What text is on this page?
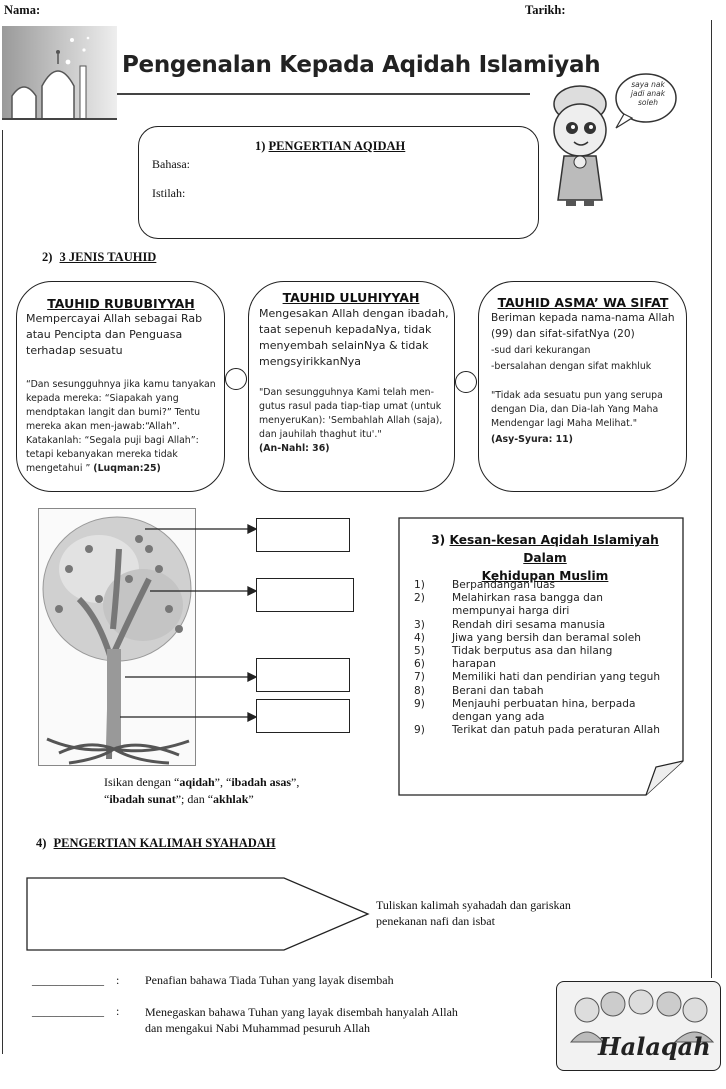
Nama:	Tarikh:
Pengenalan Kepada Aqidah Islamiyah
saya nak jadi anak soleh
1) PENGERTIAN AQIDAH
Bahasa:
Istilah:
2) 3 JENIS TAUHID
TAUHID RUBUBIYYAH
Mempercayai Allah sebagai Rab atau Pencipta dan Penguasa terhadap sesuatu
“Dan sesungguhnya jika kamu tanyakan kepada mereka: “Siapakah yang mendptakan langit dan bumi?” Tentu mereka akan men-jawab:“Allah”. Katakanlah: “Segala puji bagi Allah”: tetapi kebanyakan mereka tidak mengetahui ” (Luqman:25)
TAUHID ULUHIYYAH
Mengesakan Allah dengan ibadah, taat sepenuh kepadaNya, tidak menyembah selainNya & tidak mengsyirikkanNya
"Dan sesungguhnya Kami telah men-gutus rasul pada tiap-tiap umat (untuk menyeruKan): 'Sembahlah Allah (saja), dan jauhilah thaghut itu'."
(An-Nahl: 36)
TAUHID ASMA’ WA SIFAT
Beriman kepada nama-nama Allah (99) dan sifat-sifatNya (20)
-sud dari kekurangan
-bersalahan dengan sifat makhluk
"Tidak ada sesuatu pun yang serupa dengan Dia, dan Dia-lah Yang Maha Mendengar lagi Maha Melihat."
(Asy-Syura: 11)
Isikan dengan “aqidah”, “ibadah asas”,
“ibadah sunat”; dan “akhlak”
3) Kesan-kesan Aqidah Islamiyah Dalam
Kehidupan Muslim
1)	Berpandangan luas
2)	Melahirkan rasa bangga dan
mempunyai harga diri
3)	Rendah diri sesama manusia
4)	Jiwa yang bersih dan beramal soleh
5)	Tidak berputus asa dan hilang
6)	harapan
7)	Memiliki hati dan pendirian yang teguh
8)	Berani dan tabah
9)	Menjauhi perbuatan hina, berpada
dengan yang ada
9)	Terikat dan patuh pada peraturan Allah
4) PENGERTIAN KALIMAH SYAHADAH
Tuliskan kalimah syahadah dan gariskan
penekanan nafi dan isbat
____________ : Penafian bahawa Tiada Tuhan yang layak disembah
____________ : Menegaskan bahawa Tuhan yang layak disembah hanyalah Allah
dan mengakui Nabi Muhammad pesuruh Allah
Halaqah
